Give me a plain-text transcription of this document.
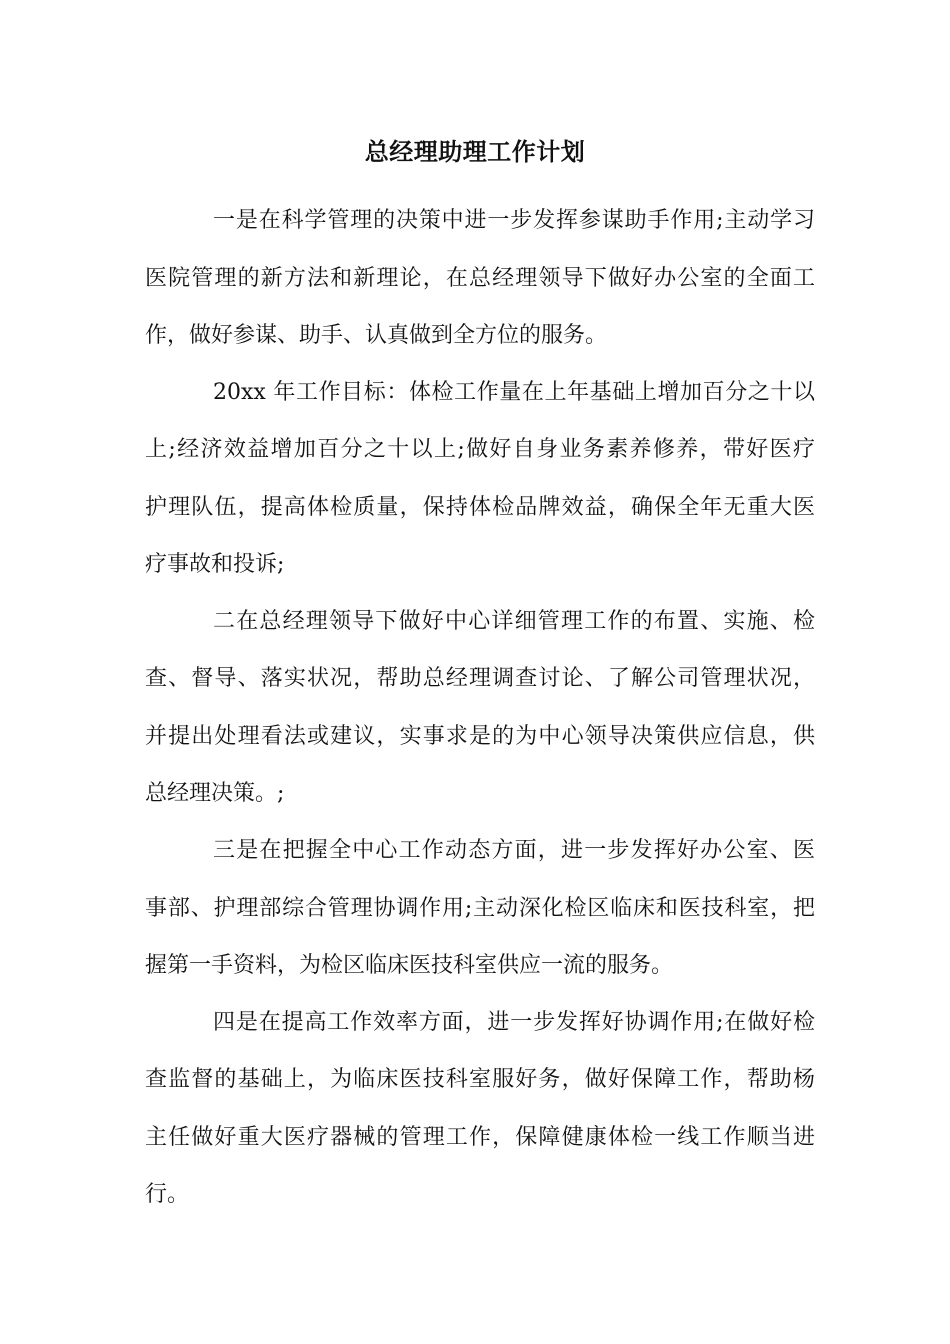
总经理助理工作计划
一是在科学管理的决策中进一步发挥参谋助手作用;主动学习
医院管理的新方法和新理论，在总经理领导下做好办公室的全面工
作，做好参谋、助手、认真做到全方位的服务。
20xx 年工作目标：体检工作量在上年基础上增加百分之十以
上;经济效益增加百分之十以上;做好自身业务素养修养，带好医疗
护理队伍，提高体检质量，保持体检品牌效益，确保全年无重大医
疗事故和投诉;
二在总经理领导下做好中心详细管理工作的布置、实施、检
查、督导、落实状况，帮助总经理调查讨论、了解公司管理状况，
并提出处理看法或建议，实事求是的为中心领导决策供应信息，供
总经理决策。;
三是在把握全中心工作动态方面，进一步发挥好办公室、医
事部、护理部综合管理协调作用;主动深化检区临床和医技科室，把
握第一手资料，为检区临床医技科室供应一流的服务。
四是在提高工作效率方面，进一步发挥好协调作用;在做好检
查监督的基础上，为临床医技科室服好务，做好保障工作，帮助杨
主任做好重大医疗器械的管理工作，保障健康体检一线工作顺当进
行。
